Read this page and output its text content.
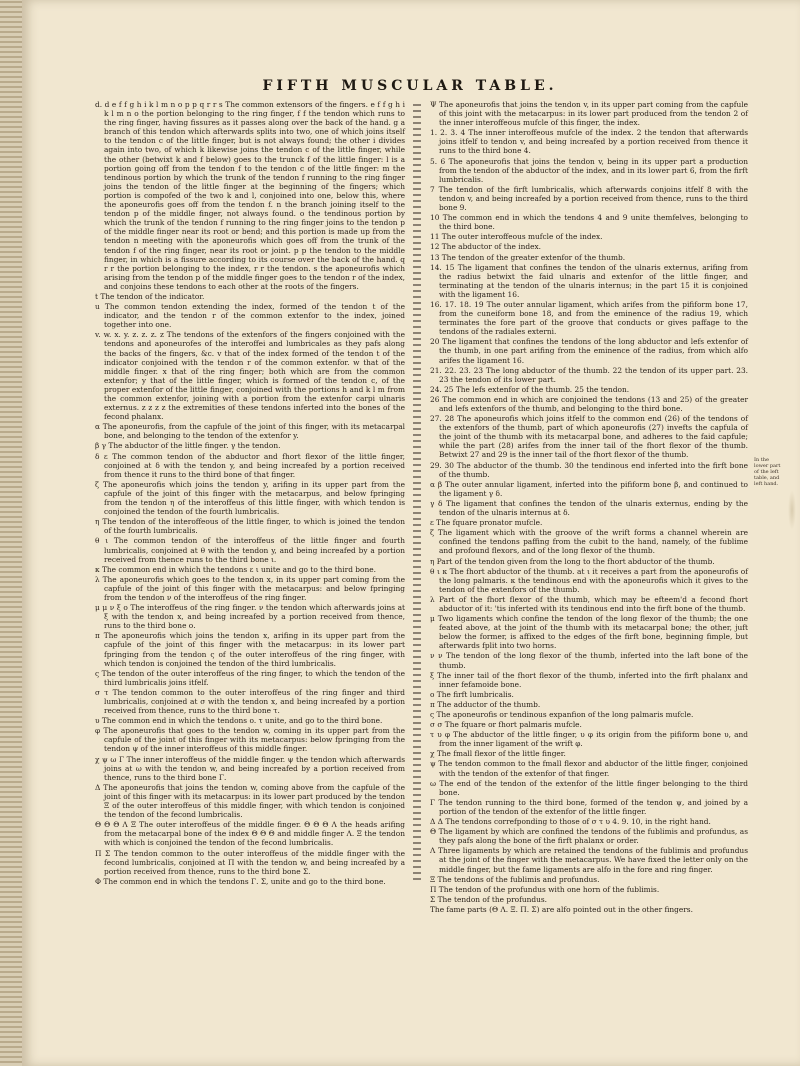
FIFTH MUSCULAR TABLE.

d. d e f f g h i k l m n o p p q r r s The common extensors of the fingers. e f f g h i k l m n o the portion belonging to the ring finger, f f the tendon which runs to the ring finger, having fissures as it passes along over the back of the hand. g a branch of this tendon which afterwards splits into two, one of which joins itself to the tendon c of the little finger, but is not always found; the other i divides again into two, of which k likewise joins the tendon c of the little finger, while the other (betwixt k and f below) goes to the trunck f of the little finger: l is a portion going off from the tendon f to the tendon c of the little finger: m the tendinous portion by which the trunk of the tendon f running to the ring finger joins the tendon of the little finger at the beginning of the fingers; which portion is compofed of the two k and l, conjoined into one, below this, where the aponeurofis goes off from the tendon f. n the branch joining itself to the tendon p of the middle finger, not always found. o the tendinous portion by which the trunk of the tendon f running to the ring finger joins to the tendon p of the middle finger near its root or bend; and this portion is made up from the tendon n meeting with the aponeurofis which goes off from the trunk of the tendon f of the ring finger, near its root or joint. p p the tendon to the middle finger, in which is a fissure according to its course over the back of the hand. q r r the portion belonging to the index, r r the tendon. s the aponeurofis which arising from the tendon p of the middle finger goes to the tendon r of the index, and conjoins these tendons to each other at the roots of the fingers.

t The tendon of the indicator.

u The common tendon extending the index, formed of the tendon t of the indicator, and the tendon r of the common extenfor to the index, joined together into one.

v. w. x. y. z. z. z. z The tendons of the extenfors of the fingers conjoined with the tendons and aponeurofes of the interoffei and lumbricales as they pafs along the backs of the fingers, &c. v that of the index formed of the tendon t of the indicator conjoined with the tendon r of the common extenfor. w that of the middle finger. x that of the ring finger; both which are from the common extenfor; y that of the little finger, which is formed of the tendon c, of the proper extenfor of the little finger, conjoined with the portions h and k l m from the common extenfor, joining with a portion from the extenfor carpi ulnaris externus. z z z z the extremities of these tendons inferted into the bones of the fecond phalanx.

α The aponeurofis, from the capfule of the joint of this finger, with its metacarpal bone, and belonging to the tendon of the extenfor y.

β γ The abductor of the little finger. γ the tendon.

δ ε The common tendon of the abductor and fhort flexor of the little finger, conjoined at δ with the tendon y, and being increafed by a portion received from thence it runs to the third bone of that finger.

ζ The aponeurofis which joins the tendon y, arifing in its upper part from the capfule of the joint of this finger with the metacarpus, and below fpringing from the tendon η of the interoffeus of this little finger, with which tendon is conjoined the tendon of the fourth lumbricalis.

η The tendon of the interoffeous of the little finger, to which is joined the tendon of the fourth lumbricalis.

θ ι The common tendon of the interoffeus of the little finger and fourth lumbricalis, conjoined at θ with the tendon y, and being increafed by a portion received from thence runs to the third bone ι.

κ The common end in which the tendons ε ι unite and go to the third bone.

λ The aponeurofis which goes to the tendon x, in its upper part coming from the capfule of the joint of this finger with the metacarpus: and below fpringing from the tendon ν of the interoffeus of the ring finger.

μ μ ν ξ ο The interoffeus of the ring finger. ν the tendon which afterwards joins at ξ with the tendon x, and being increafed by a portion received from thence, runs to the third bone ο.

π The aponeurofis which joins the tendon x, arifing in its upper part from the capfule of the joint of this finger with the metacarpus: in its lower part fpringing from the tendon ς of the outer interoffeus of the ring finger, with which tendon is conjoined the tendon of the third lumbricalis.

ς The tendon of the outer interoffeus of the ring finger, to which the tendon of the third lumbricalis joins itfelf.

σ τ The tendon common to the outer interoffeus of the ring finger and third lumbricalis, conjoined at σ with the tendon x, and being increafed by a portion received from thence, runs to the third bone τ.

υ The common end in which the tendons ο. τ unite, and go to the third bone.

φ The aponeurofis that goes to the tendon w, coming in its upper part from the capfule of the joint of this finger with its metacarpus: below fpringing from the tendon ψ of the inner interoffeus of this middle finger.

χ ψ ω Γ The inner interoffeus of the middle finger. ψ the tendon which afterwards joins at ω with the tendon w, and being increafed by a portion received from thence, runs to the third bone Γ.

Δ The aponeurofis that joins the tendon w, coming above from the capfule of the joint of this finger with its metacarpus: in its lower part produced by the tendon Ξ of the outer interoffeus of this middle finger, with which tendon is conjoined the tendon of the fecond lumbricalis.

Θ Θ Θ Λ Ξ The outer interoffeus of the middle finger. Θ Θ Θ Λ the heads arifing from the metacarpal bone of the index Θ Θ Θ and middle finger Λ. Ξ the tendon with which is conjoined the tendon of the fecond lumbricalis.

Π Σ The tendon common to the outer interoffeus of the middle finger with the fecond lumbricalis, conjoined at Π with the tendon w, and being increafed by a portion received from thence, runs to the third bone Σ.

Φ The common end in which the tendons Γ. Σ, unite and go to the third bone.

Ψ The aponeurofis that joins the tendon v, in its upper part coming from the capfule of this joint with the metacarpus: in its lower part produced from the tendon 2 of the inner interoffeous mufcle of this finger, the index.

1. 2. 3. 4 The inner interoffeous mufcle of the index. 2 the tendon that afterwards joins itfelf to tendon v, and being increafed by a portion received from thence it runs to the third bone 4.

5. 6 The aponeurofis that joins the tendon v, being in its upper part a production from the tendon of the abductor of the index, and in its lower part 6, from the firft lumbricalis.

7 The tendon of the firft lumbricalis, which afterwards conjoins itfelf 8 with the tendon v, and being increafed by a portion received from thence, runs to the third bone 9.

10 The common end in which the tendons 4 and 9 unite themfelves, belonging to the third bone.

11 The outer interoffeous mufcle of the index.

12 The abductor of the index.

13 The tendon of the greater extenfor of the thumb.

14. 15 The ligament that confines the tendon of the ulnaris externus, arifing from the radius betwixt the faid ulnaris and extenfor of the little finger, and terminating at the tendon of the ulnaris internus; in the part 15 it is conjoined with the ligament 16.

16. 17. 18. 19 The outer annular ligament, which arifes from the pifiform bone 17, from the cuneiform bone 18, and from the eminence of the radius 19, which terminates the fore part of the groove that conducts or gives paffage to the tendons of the radiales externi.

20 The ligament that confines the tendons of the long abductor and lefs extenfor of the thumb, in one part arifing from the eminence of the radius, from which alfo arifes the ligament 16.

21. 22. 23. 23 The long abductor of the thumb. 22 the tendon of its upper part. 23. 23 the tendon of its lower part.

24. 25 The lefs extenfor of the thumb. 25 the tendon.

26 The common end in which are conjoined the tendons (13 and 25) of the greater and lefs extenfors of the thumb, and belonging to the third bone.

27. 28 The aponeurofis which joins itfelf to the common end (26) of the tendons of the extenfors of the thumb, part of which aponeurofis (27) invefts the capfula of the joint of the thumb with its metacarpal bone, and adheres to the faid capfule; while the part (28) arifes from the inner tail of the fhort flexor of the thumb. Betwixt 27 and 29 is the inner tail of the fhort flexor of the thumb.

29. 30 The abductor of the thumb. 30 the tendinous end inferted into the firft bone of the thumb.

α β The outer annular ligament, inferted into the pifiform bone β, and continued to the ligament γ δ.

γ δ The ligament that confines the tendon of the ulnaris externus, ending by the tendon of the ulnaris internus at δ.

ε The fquare pronator mufcle.

ζ The ligament which with the groove of the wrift forms a channel wherein are confined the tendons paffing from the cubit to the hand, namely, of the fublime and profound flexors, and of the long flexor of the thumb.

η Part of the tendon given from the long to the fhort abductor of the thumb.

θ ι κ The fhort abductor of the thumb. at ι it receives a part from the aponeurofis of the long palmaris. κ the tendinous end with the aponeurofis which it gives to the tendon of the extenfors of the thumb.

λ Part of the fhort flexor of the thumb, which may be efteem'd a fecond fhort abductor of it: 'tis inferted with its tendinous end into the firft bone of the thumb.

μ Two ligaments which confine the tendon of the long flexor of the thumb; the one feated above, at the joint of the thumb with its metacarpal bone; the other, juft below the former, is affixed to the edges of the firft bone, beginning fimple, but afterwards fplit into two horns.

ν ν The tendon of the long flexor of the thumb, inferted into the laft bone of the thumb.

ξ The inner tail of the fhort flexor of the thumb, inferted into the firft phalanx and inner fefamoide bone.

ο The firft lumbricalis.

π The adductor of the thumb.

ς The aponeurofis or tendinous expanfion of the long palmaris mufcle.

σ σ The fquare or fhort palmaris mufcle.

τ υ φ The abductor of the little finger, υ φ its origin from the pifiform bone υ, and from the inner ligament of the wrift φ.

χ The fmall flexor of the little finger.

ψ The tendon common to the fmall flexor and abductor of the little finger, conjoined with the tendon of the extenfor of that finger.

ω The end of the tendon of the extenfor of the little finger belonging to the third bone.

Γ The tendon running to the third bone, formed of the tendon ψ, and joined by a portion of the tendon of the extenfor of the little finger.

Δ Δ The tendons correfponding to those of σ τ υ 4. 9. 10, in the right hand.

Θ The ligament by which are confined the tendons of the fublimis and profundus, as they pafs along the bone of the firft phalanx or order.

Λ Three ligaments by which are retained the tendons of the fublimis and profundus at the joint of the finger with the metacarpus. We have fixed the letter only on the middle finger, but the fame ligaments are alfo in the fore and ring finger.

Ξ The tendons of the fublimis and profundus.

Π The tendon of the profundus with one horn of the fublimis.

Σ The tendon of the profundus.

The fame parts (Θ Λ. Ξ. Π. Σ) are alfo pointed out in the other fingers.

In the lower part of the left table, and left hand.
